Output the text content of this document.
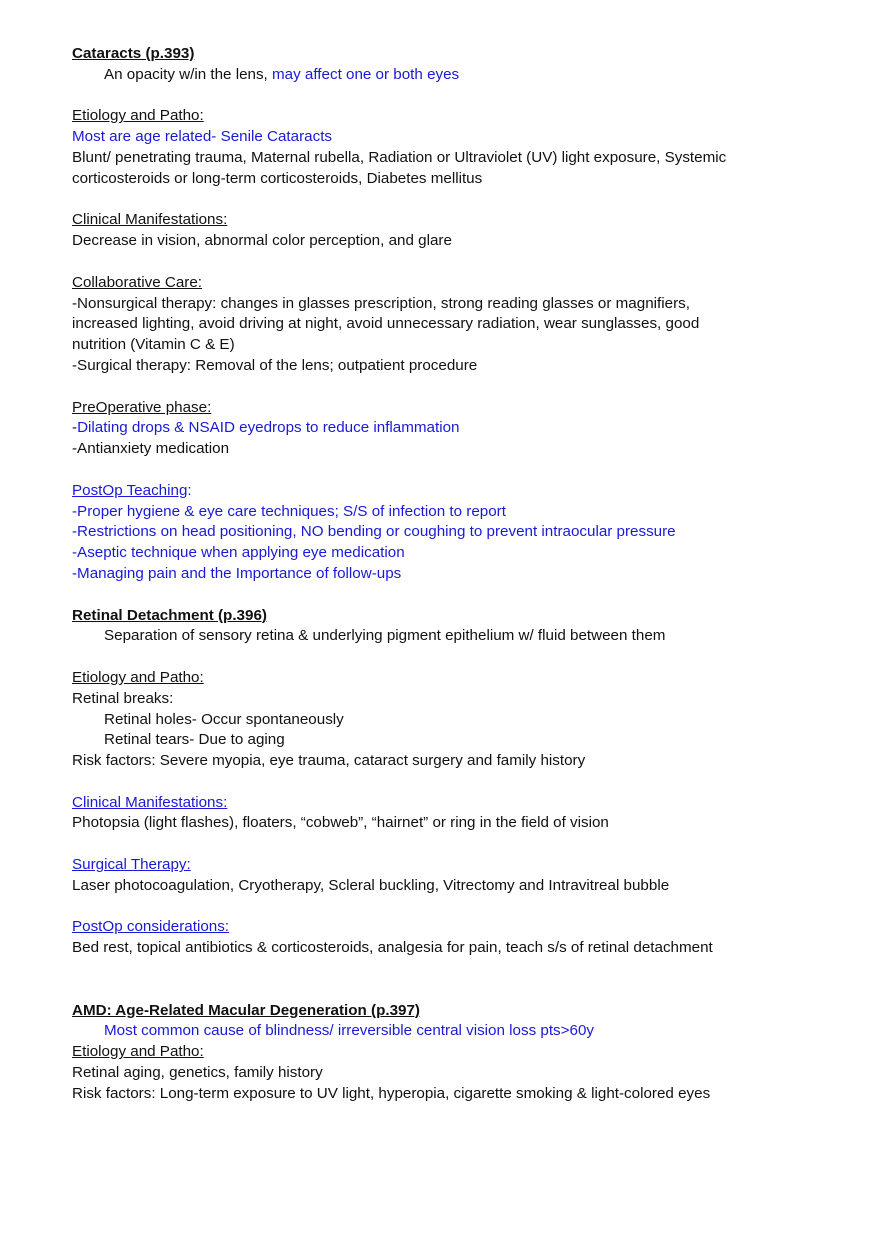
Cataracts (p.393)
An opacity w/in the lens, may affect one or both eyes
Etiology and Patho:
Most are age related- Senile Cataracts
Blunt/ penetrating trauma, Maternal rubella, Radiation or Ultraviolet (UV) light exposure, Systemic
corticosteroids or long-term corticosteroids, Diabetes mellitus
Clinical Manifestations:
Decrease in vision, abnormal color perception, and glare
Collaborative Care:
-Nonsurgical therapy: changes in glasses prescription, strong reading glasses or magnifiers,
increased lighting, avoid driving at night, avoid unnecessary radiation, wear sunglasses, good
nutrition (Vitamin C & E)
-Surgical therapy: Removal of the lens; outpatient procedure
PreOperative phase:
-Dilating drops & NSAID eyedrops to reduce inflammation
-Antianxiety medication
PostOp Teaching:
-Proper hygiene & eye care techniques; S/S of infection to report
-Restrictions on head positioning, NO bending or coughing to prevent intraocular pressure
-Aseptic technique when applying eye medication
-Managing pain and the Importance of follow-ups
Retinal Detachment (p.396)
Separation of sensory retina & underlying pigment epithelium w/ fluid between them
Etiology and Patho:
Retinal breaks:
Retinal holes- Occur spontaneously
Retinal tears- Due to aging
Risk factors: Severe myopia, eye trauma, cataract surgery and family history
Clinical Manifestations:
Photopsia (light flashes), floaters, “cobweb”, “hairnet” or ring in the field of vision
Surgical Therapy:
Laser photocoagulation, Cryotherapy, Scleral buckling, Vitrectomy and Intravitreal bubble
PostOp considerations:
Bed rest, topical antibiotics & corticosteroids, analgesia for pain, teach s/s of retinal detachment
AMD: Age-Related Macular Degeneration (p.397)
Most common cause of blindness/ irreversible central vision loss pts>60y
Etiology and Patho:
Retinal aging, genetics, family history
Risk factors: Long-term exposure to UV light, hyperopia, cigarette smoking & light-colored eyes
